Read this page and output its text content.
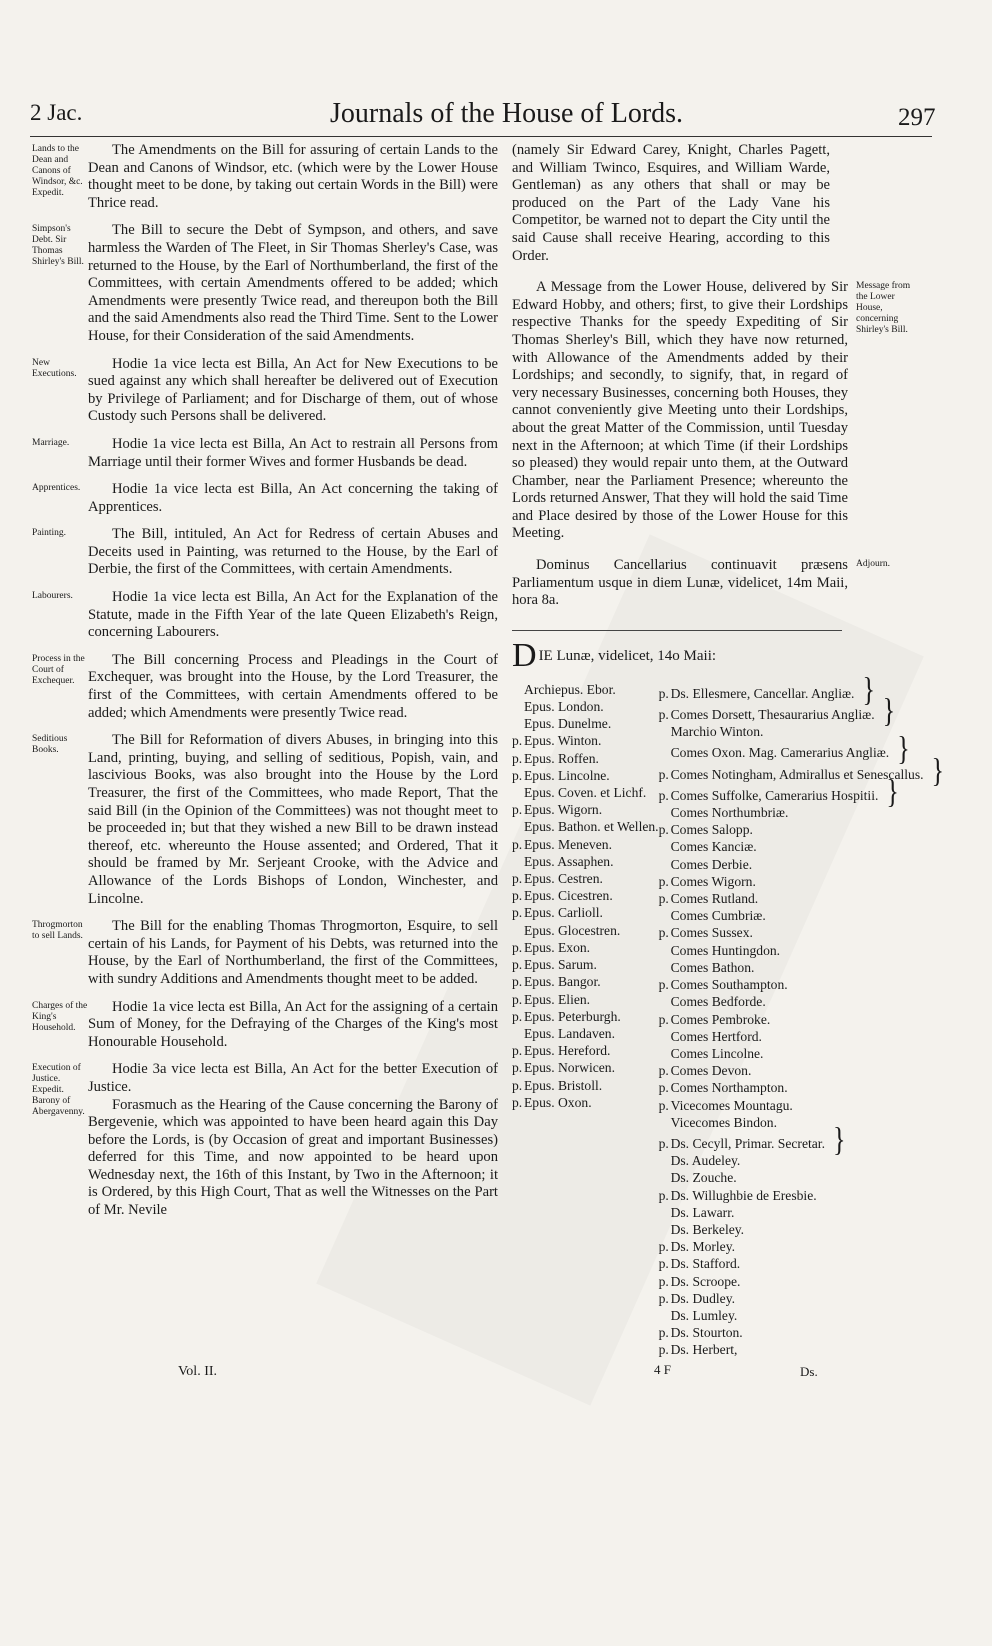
2 Jac.	Journals of the House of Lords.	297
Lands to the Dean and Canons of Windsor, &c. Expedit.

The Amendments on the Bill for assuring of certain Lands to the Dean and Canons of Windsor, etc. (which were by the Lower House thought meet to be done, by taking out certain Words in the Bill) were Thrice read.

Simpson's Debt. Sir Thomas Shirley's Bill.

The Bill to secure the Debt of Sympson, and others, and save harmless the Warden of The Fleet, in Sir Thomas Sherley's Case, was returned to the House, by the Earl of Northumberland, the first of the Committees, with certain Amendments offered to be added; which Amendments were presently Twice read, and thereupon both the Bill and the said Amendments also read the Third Time. Sent to the Lower House, for their Consideration of the said Amendments.

New Executions.

Hodie 1a vice lecta est Billa, An Act for New Executions to be sued against any which shall hereafter be delivered out of Execution by Privilege of Parliament; and for Discharge of them, out of whose Custody such Persons shall be delivered.

Marriage.	Hodie 1a vice lecta est Billa, An Act to restrain all Persons from Marriage until their former Wives and former Husbands be dead.

Apprentices.	Hodie 1a vice lecta est Billa, An Act concerning the taking of Apprentices.

Painting.	The Bill, intituled, An Act for Redress of certain Abuses and Deceits used in Painting, was returned to the House, by the Earl of Derbie, the first of the Committees, with certain Amendments.

Labourers.	Hodie 1a vice lecta est Billa, An Act for the Explanation of the Statute, made in the Fifth Year of the late Queen Elizabeth's Reign, concerning Labourers.

Process in the Court of Exchequer.

The Bill concerning Process and Pleadings in the Court of Exchequer, was brought into the House, by the Lord Treasurer, the first of the Committees, with certain Amendments offered to be added; which Amendments were presently Twice read.

Seditious Books.

The Bill for Reformation of divers Abuses, in bringing into this Land, printing, buying, and selling of seditious, Popish, vain, and lascivious Books, was also brought into the House by the Lord Treasurer, the first of the Committees, who made Report, That the said Bill (in the Opinion of the Committees) was not thought meet to be proceeded in; but that they wished a new Bill to be drawn instead thereof, etc. whereunto the House assented; and Ordered, That it should be framed by Mr. Serjeant Crooke, with the Advice and Allowance of the Lords Bishops of London, Winchester, and Lincolne.

Throgmorton to sell Lands.

The Bill for the enabling Thomas Throgmorton, Esquire, to sell certain of his Lands, for Payment of his Debts, was returned into the House, by the Earl of Northumberland, the first of the Committees, with sundry Additions and Amendments thought meet to be added.

Charges of the King's Household.

Hodie 1a vice lecta est Billa, An Act for the assigning of a certain Sum of Money, for the Defraying of the Charges of the King's most Honourable Household.

Execution of Justice. Expedit. Barony of Abergavenny.

Hodie 3a vice lecta est Billa, An Act for the better Execution of Justice.

Forasmuch as the Hearing of the Cause concerning the Barony of Bergevenie, which was appointed to have been heard again this Day before the Lords, is (by Occasion of great and important Businesses) deferred for this Time, and now appointed to be heard upon Wednesday next, the 16th of this Instant, by Two in the Afternoon; it is Ordered, by this High Court, That as well the Witnesses on the Part of Mr. Nevile

(namely Sir Edward Carey, Knight, Charles Pagett, and William Twinco, Esquires, and William Warde, Gentleman) as any others that shall or may be produced on the Part of the Lady Vane his Competitor, be warned not to depart the City until the said Cause shall receive Hearing, according to this Order.
A Message from the Lower House, delivered by Sir Edward Hobby, and others; first, to give their Lordships respective Thanks for the speedy Expediting of Sir Thomas Sherley's Bill, which they have now returned, with Allowance of the Amendments added by their Lordships; and secondly, to signify, that, in regard of very necessary Businesses, concerning both Houses, they cannot conveniently give Meeting unto their Lordships, about the great Matter of the Commission, until Tuesday next in the Afternoon; at which Time (if their Lordships so pleased) they would repair unto them, at the Outward Chamber, near the Parliament Presence; whereunto the Lords returned Answer, That they will hold the said Time and Place desired by those of the Lower House for this Meeting.
Message from the Lower House, concerning Shirley's Bill.
Dominus Cancellarius continuavit præsens Parliamentum usque in diem Lunæ, videlicet, 14m Maii, hora 8a.
Adjourn.
DIE Lunæ, videlicet, 14o Maii:
Archiepus. Ebor.
Epus. London.
Epus. Dunelme.
p. Epus. Winton.
p. Epus. Roffen.
p. Epus. Lincolne.
Epus. Coven. et Lichf.
p. Epus. Wigorn.
Epus. Bathon. et Wellen.
p. Epus. Meneven.
Epus. Assaphen.
p. Epus. Cestren.
p. Epus. Cicestren.
p. Epus. Carlioll.
Epus. Glocestren.
p. Epus. Exon.
p. Epus. Sarum.
p. Epus. Bangor.
p. Epus. Elien.
p. Epus. Peterburgh.
Epus. Landaven.
p. Epus. Hereford.
p. Epus. Norwicen.
p. Epus. Bristoll.
p. Epus. Oxon.
p. Ds. Ellesmere, Cancellar. Angliæ. }
p. Comes Dorsett, Thesaurarius Angliæ. }
Marchio Winton.
Comes Oxon. Mag. Camerarius Angliæ. }
p. Comes Notingham, Admirallus et Senescallus. }
p. Comes Suffolke, Camerarius Hospitii. }
Comes Northumbriæ.
p. Comes Salopp.
Comes Kanciæ.
Comes Derbie.
p. Comes Wigorn.
p. Comes Rutland.
Comes Cumbriæ.
p. Comes Sussex.
Comes Huntingdon.
Comes Bathon.
p. Comes Southampton.
Comes Bedforde.
p. Comes Pembroke.
Comes Hertford.
Comes Lincolne.
p. Comes Devon.
p. Comes Northampton.
p. Vicecomes Mountagu.
Vicecomes Bindon.
p. Ds. Cecyll, Primar. Secretar. }
Ds. Audeley.
Ds. Zouche.
p. Ds. Willughbie de Eresbie.
Ds. Lawarr.
Ds. Berkeley.
p. Ds. Morley.
p. Ds. Stafford.
p. Ds. Scroope.
p. Ds. Dudley.
Ds. Lumley.
p. Ds. Stourton.
p. Ds. Herbert,
Vol. II.	4 F	Ds.
